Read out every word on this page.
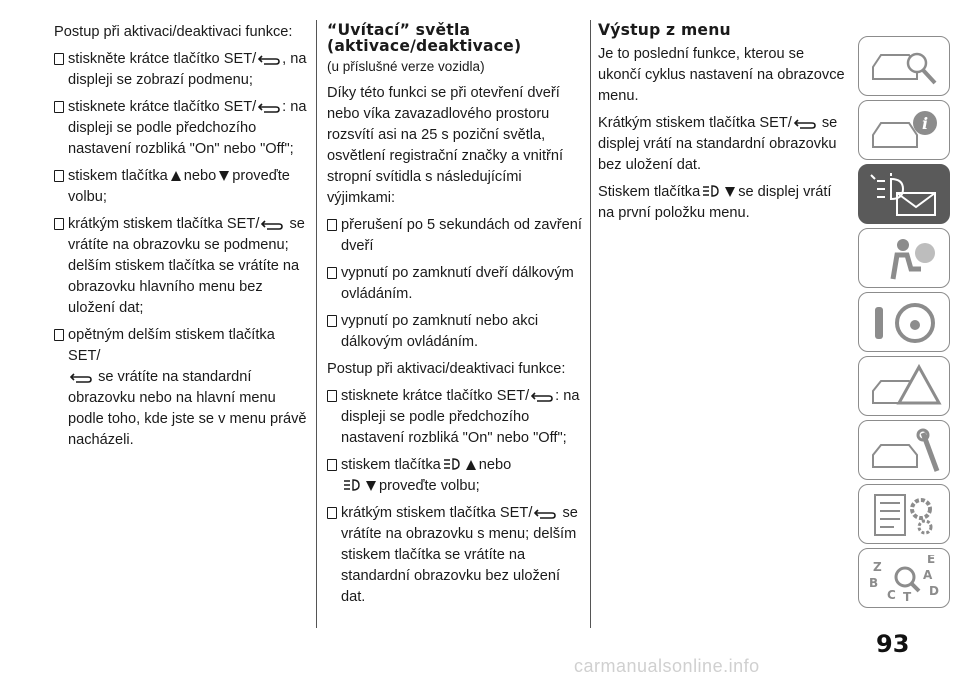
Postup při aktivaci/deaktivaci funkce:

stiskněte krátce tlačítko SET/ , na displeji se zobrazí podmenu;
stisknete krátce tlačítko SET/ : na displeji se podle předchozího nastavení rozbliká "On" nebo "Off";
stiskem tlačítka nebo proveďte volbu;
krátkým stiskem tlačítka SET/ se vrátíte na obrazovku se podmenu; delším stiskem tlačítka se vrátíte na obrazovku hlavního menu bez uložení dat;
opětným delším stiskem tlačítka SET/
se vrátíte na standardní obrazovku nebo na hlavní menu podle toho, kde jste se v menu právě nacházeli.
“Uvítací” světla
(aktivace/deaktivace)
(u příslušné verze vozidla)

Díky této funkci se při otevření dveří nebo víka zavazadlového prostoru rozsvítí asi na 25 s poziční světla, osvětlení registrační značky a vnitřní stropní svítidla s následujícími výjimkami:

přerušení po 5 sekundách od zavření dveří
vypnutí po zamknutí dveří dálkovým ovládáním.
vypnutí po zamknutí nebo akci dálkovým ovládáním.

Postup při aktivaci/deaktivaci funkce:

stisknete krátce tlačítko SET/ : na displeji se podle předchozího nastavení rozbliká "On" nebo "Off";
stiskem tlačítka	nebo
proveďte volbu;
krátkým stiskem tlačítka SET/ se vrátíte na obrazovku s menu; delším stiskem tlačítka se vrátíte na standardní obrazovku bez uložení dat.
Výstup z menu

Je to poslední funkce, kterou se ukončí cyklus nastavení na obrazovce menu.

Krátkým stiskem tlačítka SET/ se displej vrátí na standardní obrazovku bez uložení dat.

Stiskem tlačítka	se displej vrátí na první položku menu.

i
Z
E
A
B
C T D
93
carmanualsonline.info
